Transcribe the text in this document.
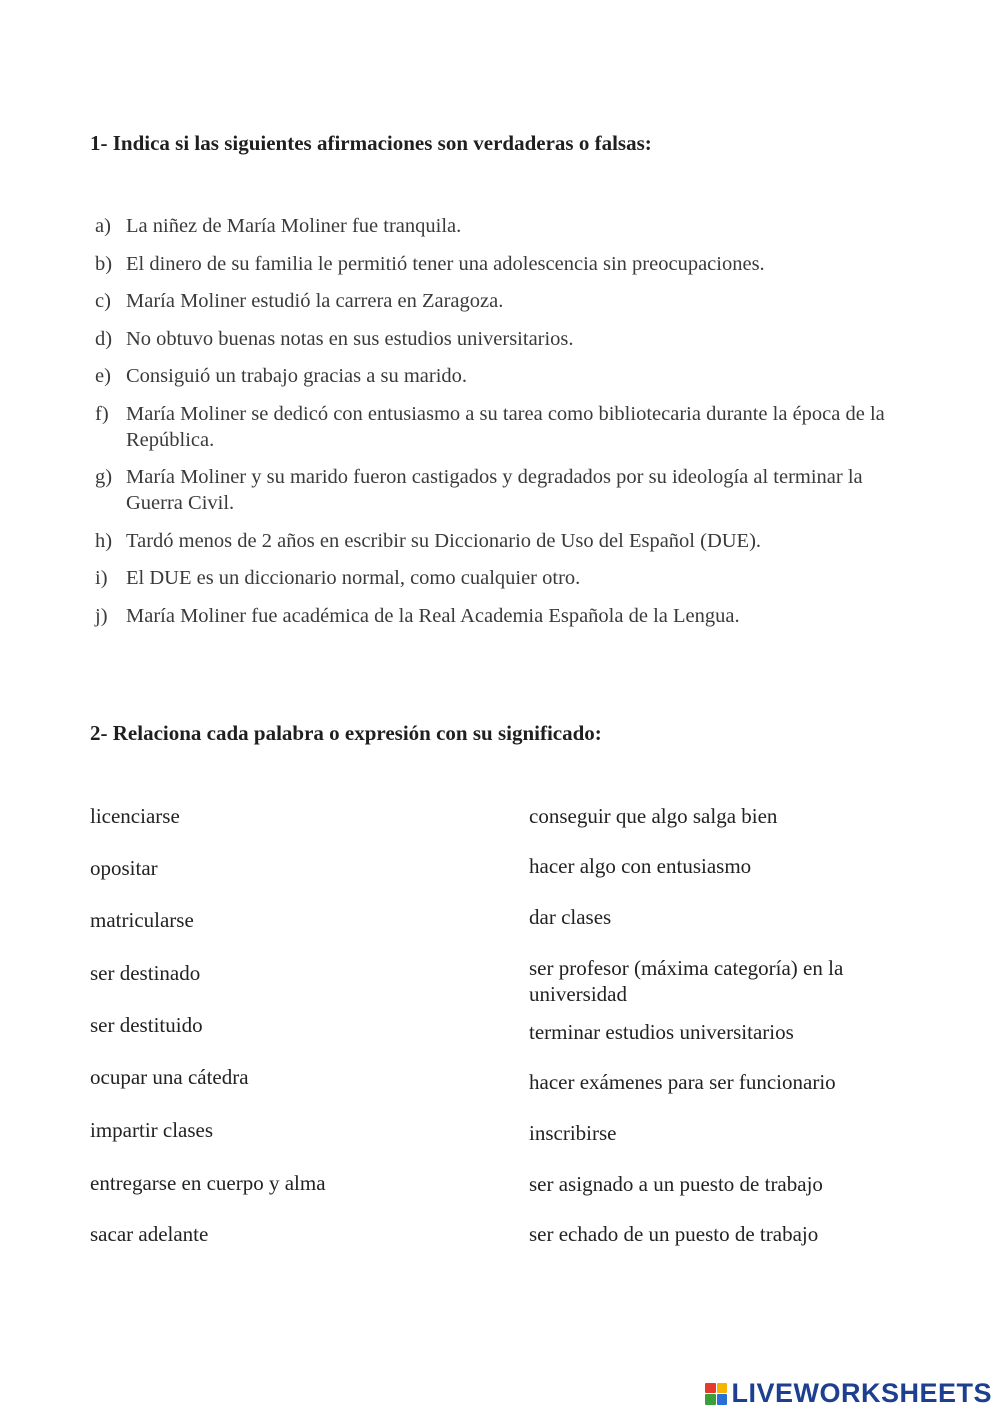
1- Indica si las siguientes afirmaciones son verdaderas o falsas:
a) La niñez de María Moliner fue tranquila.
b) El dinero de su familia le permitió tener una adolescencia sin preocupaciones.
c) María Moliner estudió la carrera en Zaragoza.
d) No obtuvo buenas notas en sus estudios universitarios.
e) Consiguió un trabajo gracias a su marido.
f) María Moliner se dedicó con entusiasmo a su tarea como bibliotecaria durante la época de la República.
g) María Moliner y su marido fueron castigados y degradados por su ideología al terminar la Guerra Civil.
h) Tardó menos de 2 años en escribir su Diccionario de Uso del Español (DUE).
i) El DUE es un diccionario normal, como cualquier otro.
j) María Moliner fue académica de la Real Academia Española de la Lengua.
2- Relaciona cada palabra o expresión con su significado:
licenciarse
opositar
matricularse
ser destinado
ser destituido
ocupar una cátedra
impartir clases
entregarse en cuerpo y alma
sacar adelante
conseguir que algo salga bien
hacer algo con entusiasmo
dar clases
ser profesor (máxima categoría) en la universidad
terminar estudios universitarios
hacer exámenes para ser funcionario
inscribirse
ser asignado a un puesto de trabajo
ser echado de un puesto de trabajo
LIVEWORKSHEETS
